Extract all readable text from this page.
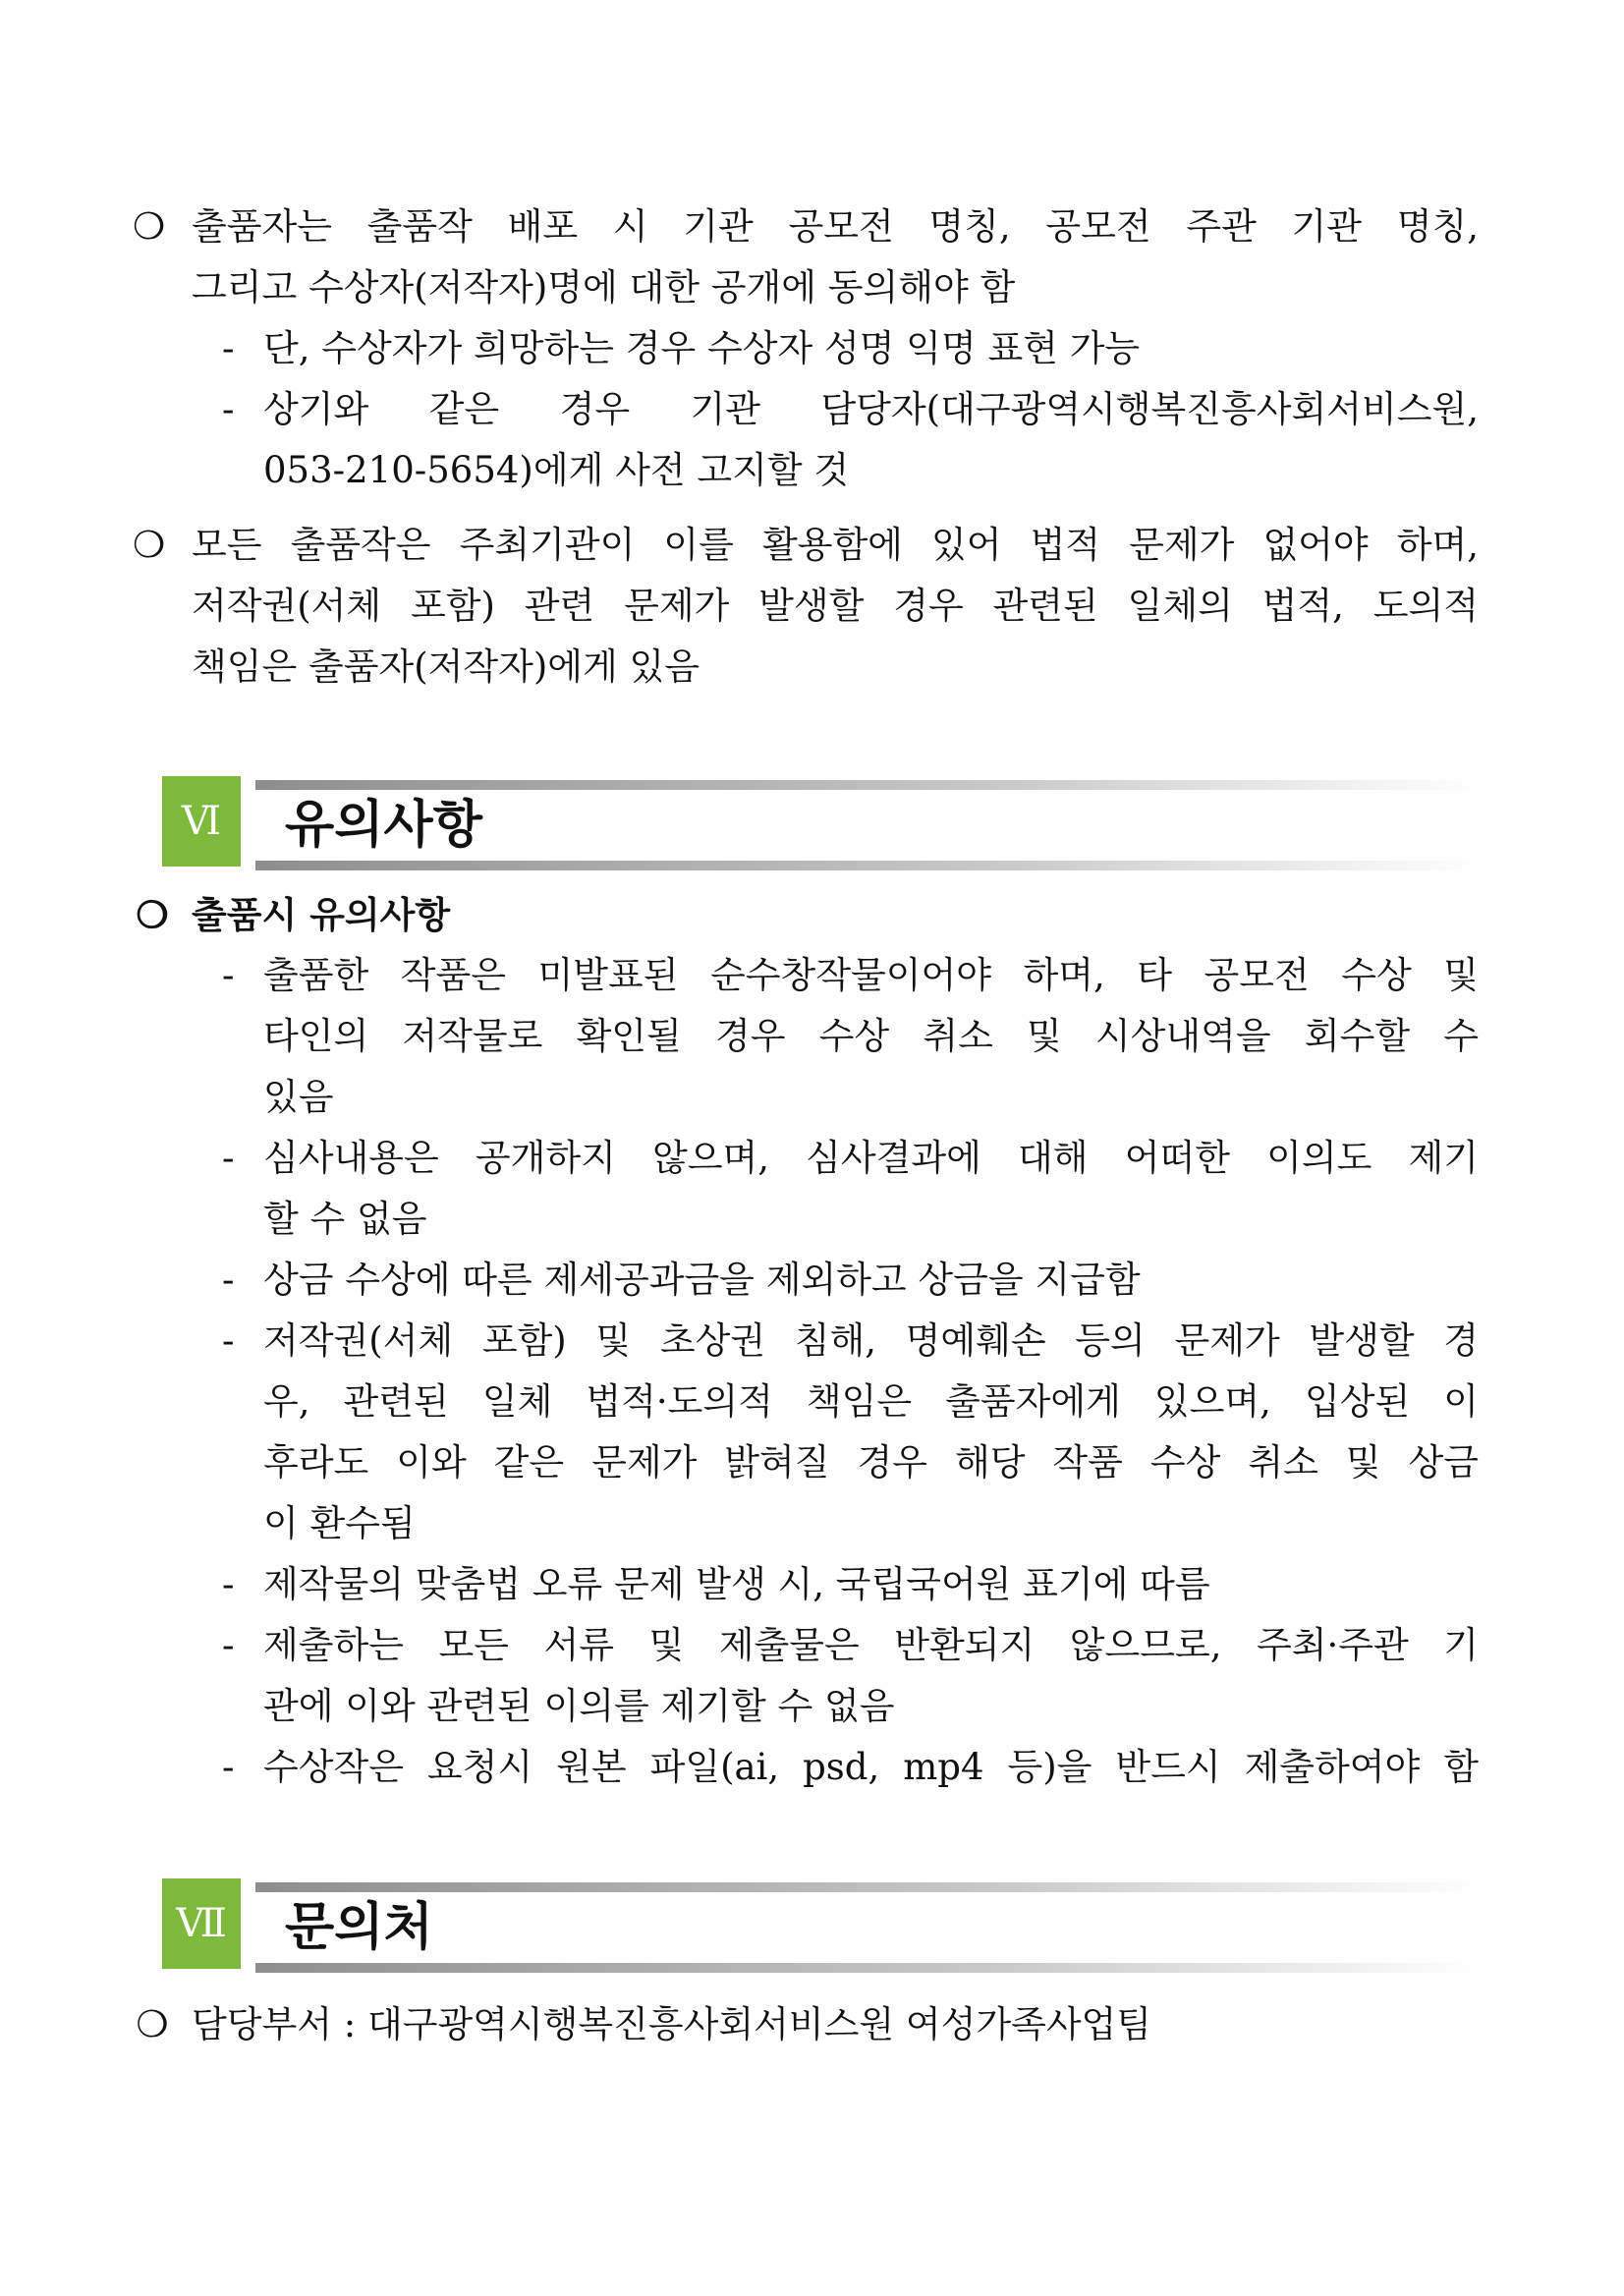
❍ 출품자는 출품작 배포 시 기관 공모전 명칭, 공모전 주관 기관 명칭,
그리고 수상자(저작자)명에 대한 공개에 동의해야 함
- 단, 수상자가 희망하는 경우 수상자 성명 익명 표현 가능
- 상기와 같은 경우 기관 담당자(대구광역시행복진흥사회서비스원,
053-210-5654)에게 사전 고지할 것
❍ 모든 출품작은 주최기관이 이를 활용함에 있어 법적 문제가 없어야 하며,
저작권(서체 포함) 관련 문제가 발생할 경우 관련된 일체의 법적, 도의적
책임은 출품자(저작자)에게 있음
Ⅵ	유의사항
❍ 출품시 유의사항
- 출품한 작품은 미발표된 순수창작물이어야 하며, 타 공모전 수상 및
타인의 저작물로 확인될 경우 수상 취소 및 시상내역을 회수할 수
있음
- 심사내용은 공개하지 않으며, 심사결과에 대해 어떠한 이의도 제기
할 수 없음
- 상금 수상에 따른 제세공과금을 제외하고 상금을 지급함
- 저작권(서체 포함) 및 초상권 침해, 명예훼손 등의 문제가 발생할 경
우, 관련된 일체 법적·도의적 책임은 출품자에게 있으며, 입상된 이
후라도 이와 같은 문제가 밝혀질 경우 해당 작품 수상 취소 및 상금
이 환수됨
- 제작물의 맞춤법 오류 문제 발생 시, 국립국어원 표기에 따름
- 제출하는 모든 서류 및 제출물은 반환되지 않으므로, 주최·주관 기
관에 이와 관련된 이의를 제기할 수 없음
- 수상작은 요청시 원본 파일(ai, psd, mp4 등)을 반드시 제출하여야 함
Ⅶ 문의처
❍ 담당부서 : 대구광역시행복진흥사회서비스원 여성가족사업팀
